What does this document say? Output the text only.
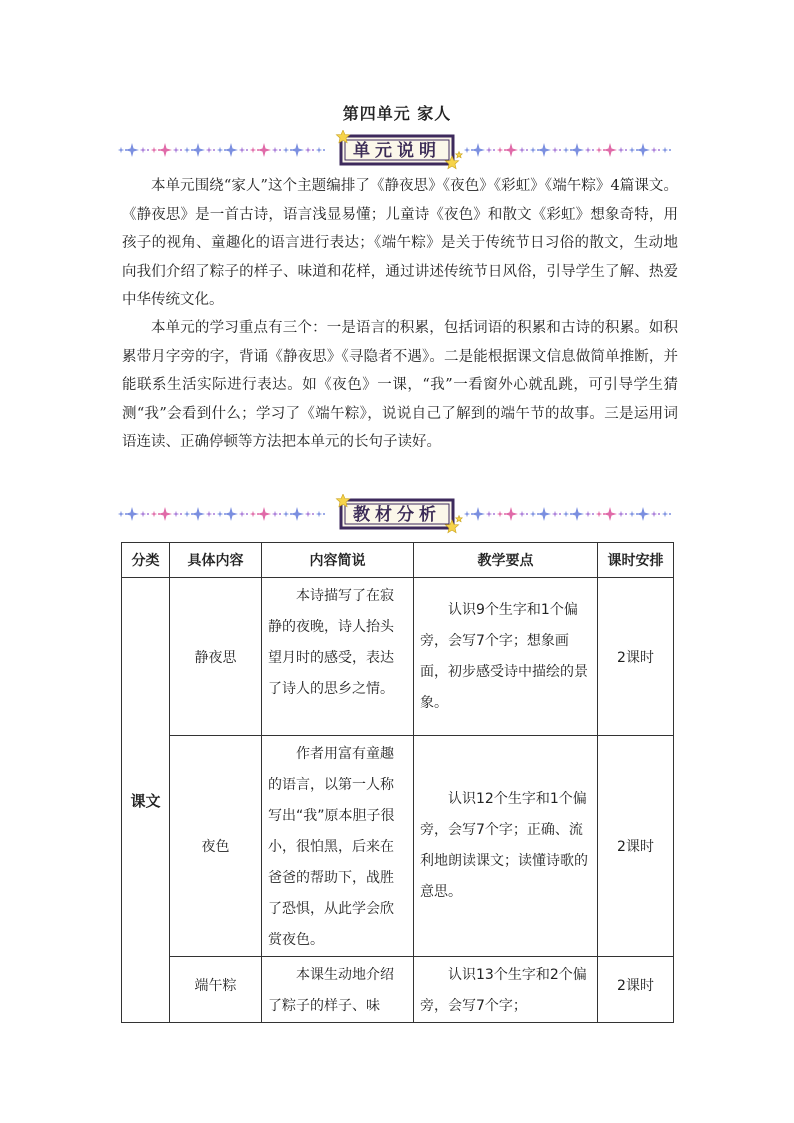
第四单元 家人
单元说明

本单元围绕“家人”这个主题编排了《静夜思》《夜色》《彩虹》《端午粽》4篇课文。《静夜思》是一首古诗，语言浅显易懂；儿童诗《夜色》和散文《彩虹》想象奇特，用孩子的视角、童趣化的语言进行表达；《端午粽》是关于传统节日习俗的散文，生动地向我们介绍了粽子的样子、味道和花样，通过讲述传统节日风俗，引导学生了解、热爱中华传统文化。

本单元的学习重点有三个：一是语言的积累，包括词语的积累和古诗的积累。如积累带月字旁的字，背诵《静夜思》《寻隐者不遇》。二是能根据课文信息做简单推断，并能联系生活实际进行表达。如《夜色》一课，“我”一看窗外心就乱跳，可引导学生猜测“我”会看到什么；学习了《端午粽》，说说自己了解到的端午节的故事。三是运用词语连读、正确停顿等方法把本单元的长句子读好。

教材分析
分类	具体内容	内容简说	教学要点	课时安排
课文	静夜思	本诗描写了在寂静的夜晚，诗人抬头望月时的感受，表达了诗人的思乡之情。	认识9个生字和1个偏旁，会写7个字；想象画面，初步感受诗中描绘的景象。	2课时
	夜色	作者用富有童趣的语言，以第一人称写出“我”原本胆子很小，很怕黑，后来在爸爸的帮助下，战胜了恐惧，从此学会欣赏夜色。	认识12个生字和1个偏旁，会写7个字；正确、流利地朗读课文；读懂诗歌的意思。	2课时
	端午粽	本课生动地介绍了粽子的样子、味	认识13个生字和2个偏旁，会写7个字；	2课时
